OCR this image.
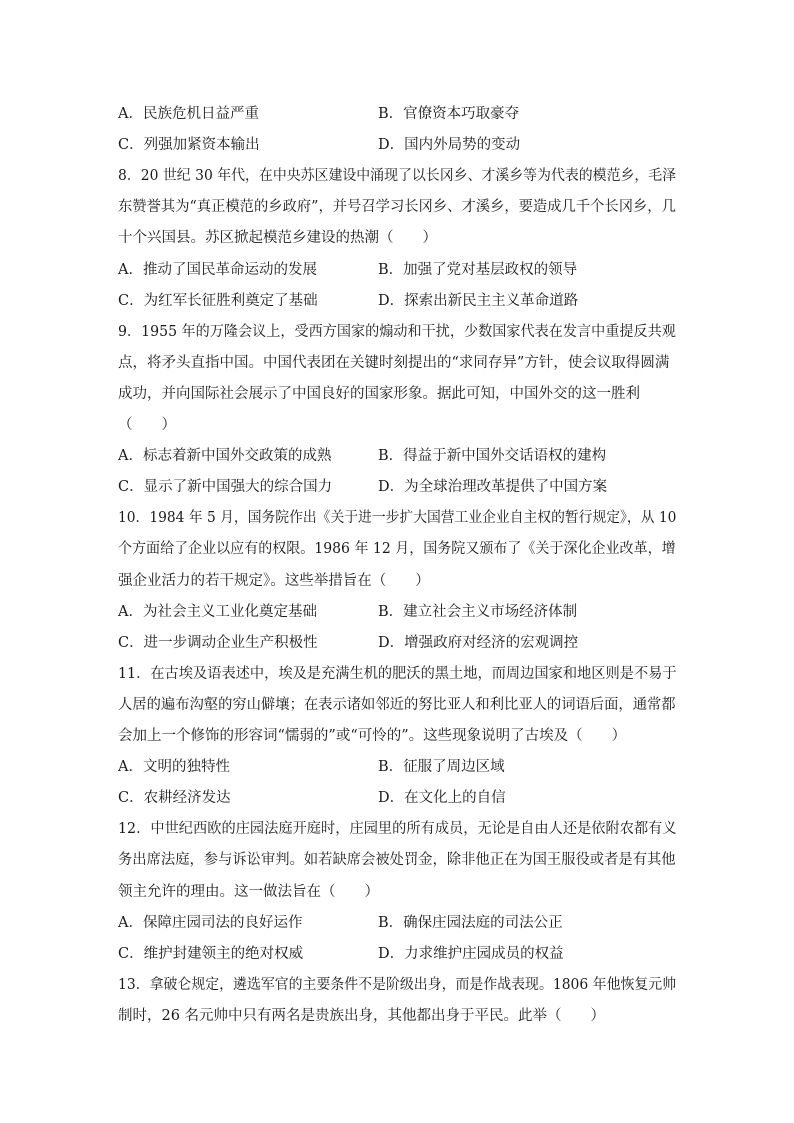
A．民族危机日益严重	B．官僚资本巧取豪夺
C．列强加紧资本输出	D．国内外局势的变动
8．20 世纪 30 年代，在中央苏区建设中涌现了以长冈乡、才溪乡等为代表的模范乡，毛泽
东赞誉其为“真正模范的乡政府”，并号召学习长冈乡、才溪乡，要造成几千个长冈乡，几
十个兴国县。苏区掀起模范乡建设的热潮（　　）
A．推动了国民革命运动的发展	B．加强了党对基层政权的领导
C．为红军长征胜利奠定了基础	D．探索出新民主主义革命道路
9．1955 年的万隆会议上，受西方国家的煽动和干扰，少数国家代表在发言中重提反共观
点，将矛头直指中国。中国代表团在关键时刻提出的“求同存异”方针，使会议取得圆满
成功，并向国际社会展示了中国良好的国家形象。据此可知，中国外交的这一胜利
（　　）
A．标志着新中国外交政策的成熟	B．得益于新中国外交话语权的建构
C．显示了新中国强大的综合国力	D．为全球治理改革提供了中国方案
10．1984 年 5 月，国务院作出《关于进一步扩大国营工业企业自主权的暂行规定》，从 10
个方面给了企业以应有的权限。1986 年 12 月，国务院又颁布了《关于深化企业改革，增
强企业活力的若干规定》。这些举措旨在（　　）
A．为社会主义工业化奠定基础	B．建立社会主义市场经济体制
C．进一步调动企业生产积极性	D．增强政府对经济的宏观调控
11．在古埃及语表述中，埃及是充满生机的肥沃的黑土地，而周边国家和地区则是不易于
人居的遍布沟壑的穷山僻壤；在表示诸如邻近的努比亚人和利比亚人的词语后面，通常都
会加上一个修饰的形容词“懦弱的”或“可怜的”。这些现象说明了古埃及（　　）
A．文明的独特性	B．征服了周边区域
C．农耕经济发达	D．在文化上的自信
12．中世纪西欧的庄园法庭开庭时，庄园里的所有成员，无论是自由人还是依附农都有义
务出席法庭，参与诉讼审判。如若缺席会被处罚金，除非他正在为国王服役或者是有其他
领主允许的理由。这一做法旨在（　　）
A．保障庄园司法的良好运作	B．确保庄园法庭的司法公正
C．维护封建领主的绝对权威	D．力求维护庄园成员的权益
13．拿破仑规定，遴选军官的主要条件不是阶级出身，而是作战表现。1806 年他恢复元帅
制时，26 名元帅中只有两名是贵族出身，其他都出身于平民。此举（　　）
